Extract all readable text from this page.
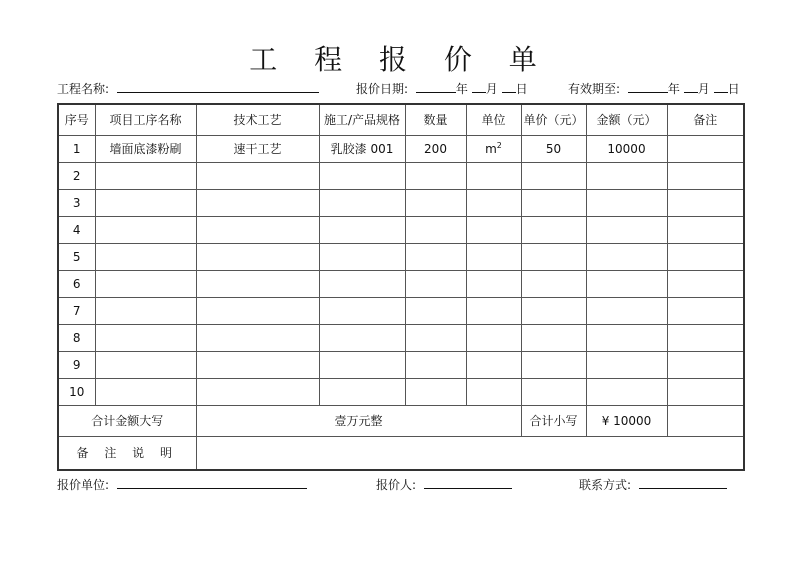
工 程 报 价 单
工程名称:	报价日期:	年 月 日	有效期至:	年 月 日
序号	项目工序名称	技术工艺	施工/产品规格	数量	单位	单价（元）	金额（元）	备注
1	墙面底漆粉刷	速干工艺	乳胶漆 001	200	$m^2$	50	10000	
2								
3								
4								
5								
6								
7								
8								
9								
10								
合计金额大写		壹万元整				合计小写	¥ 10000	
备 注 说 明								
报价单位:	报价人:	联系方式:
